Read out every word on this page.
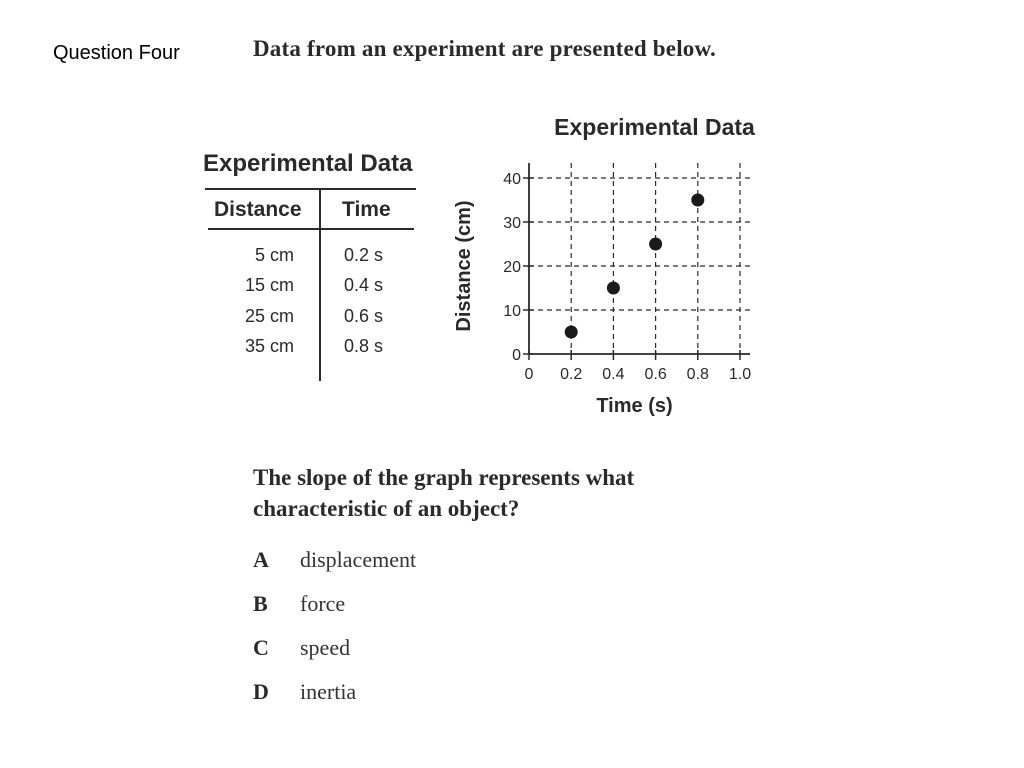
Question Four	Data from an experiment are presented below.
Experimental Data
Distance Time
5 cm	0.2 s
15 cm	0.4 s
25 cm	0.6 s
35 cm	0.8 s
Experimental Data
0
10
20
30
40
0 0.2 0.4 0.6 0.8 1.0
Time (s)
Distance (cm)
The slope of the graph represents what characteristic of an object?
A displacement
B force
C speed
D inertia
